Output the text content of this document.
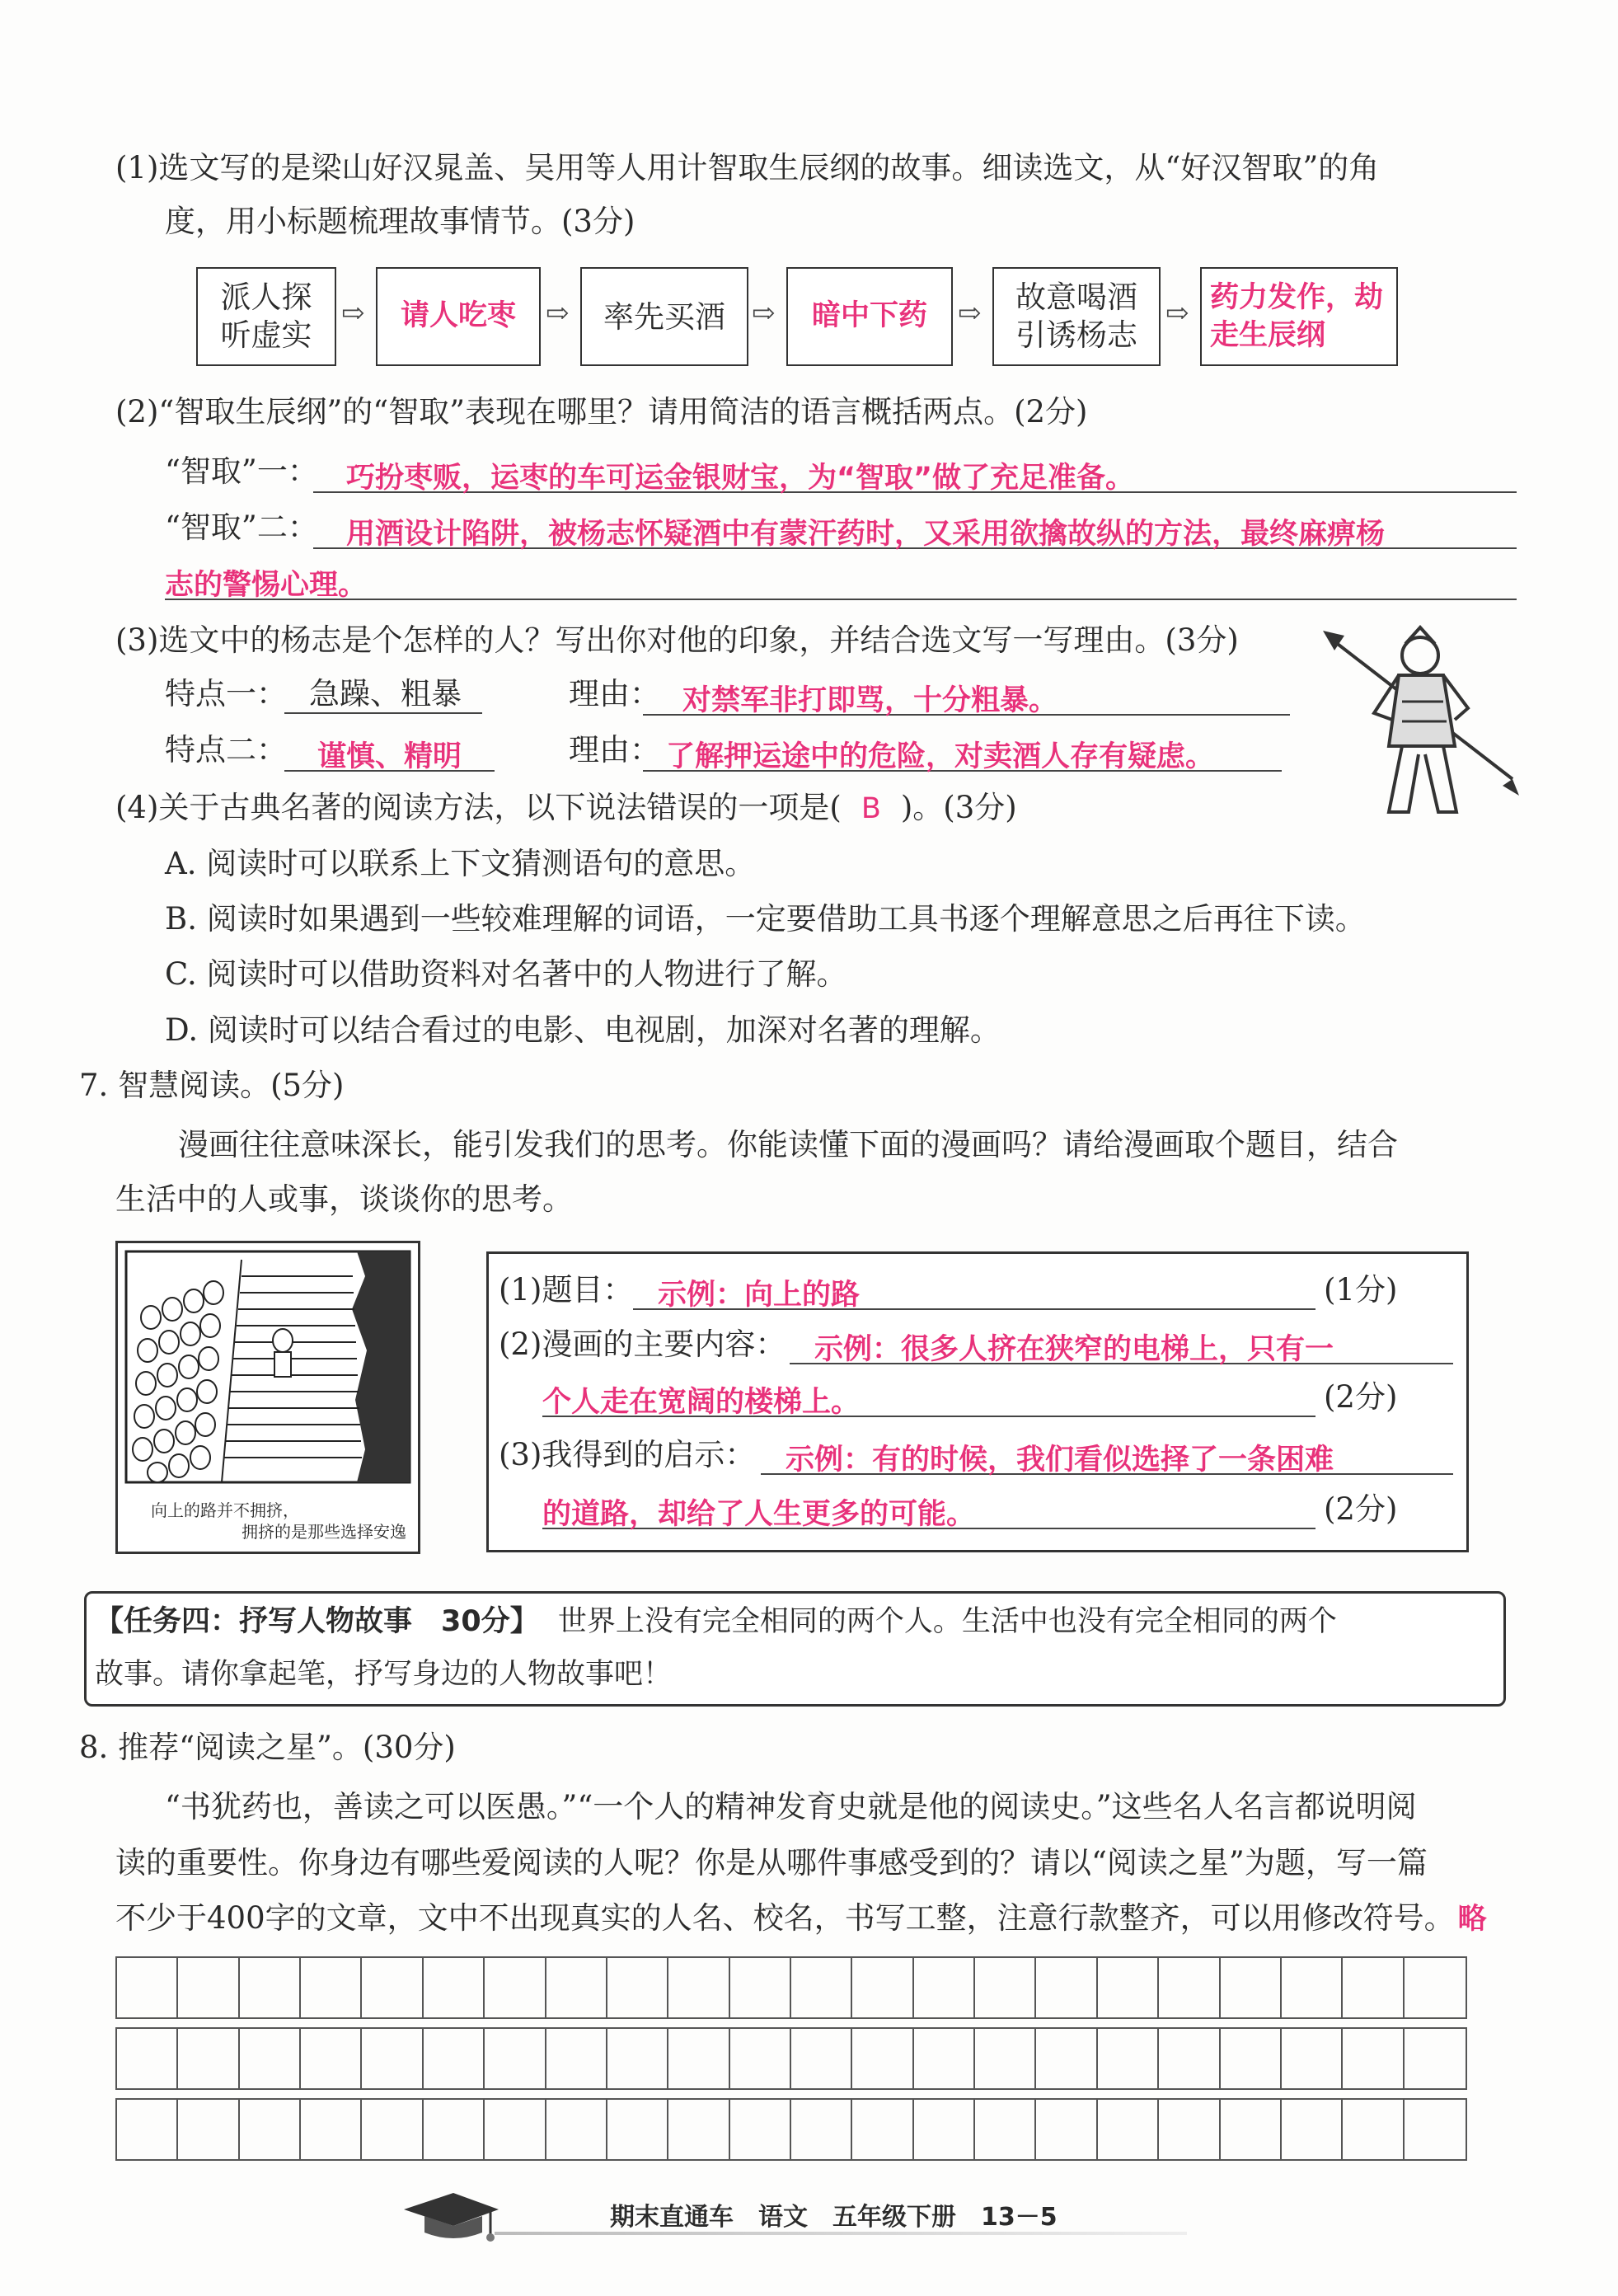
(1)选文写的是梁山好汉晁盖、吴用等人用计智取生辰纲的故事。细读选文，从“好汉智取”的角
度，用小标题梳理故事情节。(3分)
派人探
听虚实
⇨	请人吃枣	⇨	率先买酒 ⇨	暗中下药	⇨	故意喝酒
引诱杨志
⇨ 药力发作，劫
走生辰纲
(2)“智取生辰纲”的“智取”表现在哪里？请用简洁的语言概括两点。(2分)
“智取”一： 巧扮枣贩，运枣的车可运金银财宝，为“智取”做了充足准备。
“智取”二： 用酒设计陷阱，被杨志怀疑酒中有蒙汗药时，又采用欲擒故纵的方法，最终麻痹杨
志的警惕心理。
(3)选文中的杨志是个怎样的人？写出你对他的印象，并结合选文写一写理由。(3分)
特点一： 急躁、粗暴	理由： 对禁军非打即骂，十分粗暴。
特点二：	谨慎、精明	理由： 了解押运途中的危险，对卖酒人存有疑虑。
(4)关于古典名著的阅读方法，以下说法错误的一项是( B )。(3分)
A. 阅读时可以联系上下文猜测语句的意思。
B. 阅读时如果遇到一些较难理解的词语，一定要借助工具书逐个理解意思之后再往下读。
C. 阅读时可以借助资料对名著中的人物进行了解。
D. 阅读时可以结合看过的电影、电视剧，加深对名著的理解。
7. 智慧阅读。(5分)
漫画往往意味深长，能引发我们的思考。你能读懂下面的漫画吗？请给漫画取个题目，结合
生活中的人或事，谈谈你的思考。
向上的路并不拥挤，
拥挤的是那些选择安逸
(1)题目： 示例：向上的路	(1分)
(2)漫画的主要内容： 示例：很多人挤在狭窄的电梯上，只有一
个人走在宽阔的楼梯上。	(2分)
(3)我得到的启示：	示例：有的时候，我们看似选择了一条困难
的道路，却给了人生更多的可能。	(2分)
【任务四：抒写人物故事　30分】 世界上没有完全相同的两个人。生活中也没有完全相同的两个
故事。请你拿起笔，抒写身边的人物故事吧！
8. 推荐“阅读之星”。(30分)
“书犹药也，善读之可以医愚。”“一个人的精神发育史就是他的阅读史。”这些名人名言都说明阅
读的重要性。你身边有哪些爱阅读的人呢？你是从哪件事感受到的？请以“阅读之星”为题，写一篇
不少于400字的文章，文中不出现真实的人名、校名，书写工整，注意行款整齐，可以用修改符号。 略
期末直通车　语文　五年级下册　13－5
